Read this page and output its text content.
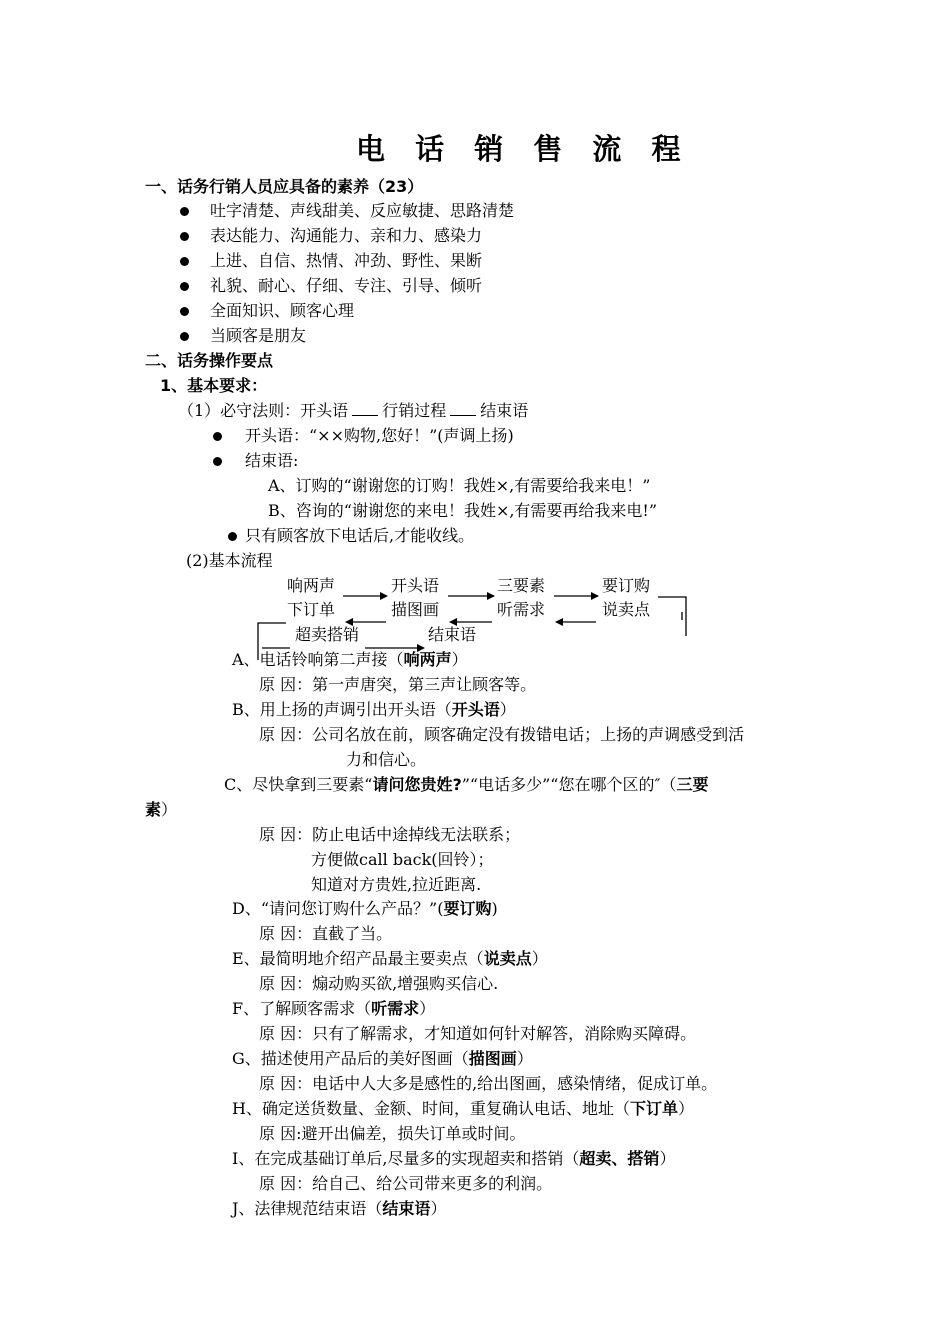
电 话 销 售 流 程
一、话务行销人员应具备的素养（23）
吐字清楚、声线甜美、反应敏捷、思路清楚
表达能力、沟通能力、亲和力、感染力
上进、自信、热情、冲劲、野性、果断
礼貌、耐心、仔细、专注、引导、倾听
全面知识、顾客心理
当顾客是朋友
二、话务操作要点
1、基本要求：
（1）必守法则：开头语 行销过程 结束语
开头语：“××购物,您好！”(声调上扬)
结束语:
A、订购的“谢谢您的订购！我姓×,有需要给我来电！”
B、咨询的“谢谢您的来电！我姓×,有需要再给我来电!”
只有顾客放下电话后,才能收线。
(2)基本流程
响两声	开头语	三要素	要订购
下订单	描图画	听需求	说卖点
超卖搭销	结束语
A、电话铃响第二声接（响两声）
原 因：第一声唐突，第三声让顾客等。
B、用上扬的声调引出开头语（开头语）
原 因：公司名放在前，顾客确定没有拨错电话；上扬的声调感受到活
力和信心。
C、尽快拿到三要素“请问您贵姓?”“电话多少”“您在哪个区的″（三要
素）
原 因：防止电话中途掉线无法联系；
方便做call back(回铃）；
知道对方贵姓,拉近距离.
D、“请问您订购什么产品？”(要订购)
原 因：直截了当。
E、最简明地介绍产品最主要卖点（说卖点）
原 因：煽动购买欲,增强购买信心.
F、了解顾客需求（听需求）
原 因：只有了解需求，才知道如何针对解答，消除购买障碍。
G、描述使用产品后的美好图画（描图画）
原 因：电话中人大多是感性的,给出图画，感染情绪，促成订单。
H、确定送货数量、金额、时间，重复确认电话、地址（下订单）
原 因:避开出偏差，损失订单或时间。
I、在完成基础订单后,尽量多的实现超卖和搭销（超卖、搭销）
原 因：给自己、给公司带来更多的利润。
J、法律规范结束语（结束语）
